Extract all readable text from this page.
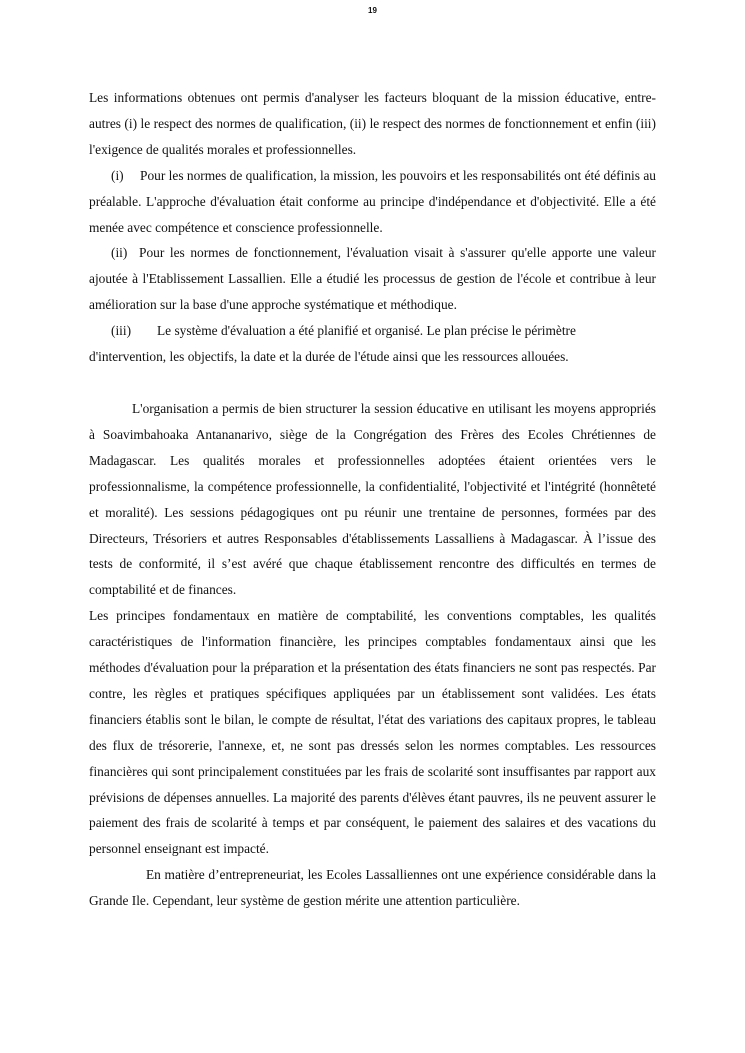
19

Les informations obtenues ont permis d'analyser les facteurs bloquant de la mission éducative, entre-autres (i) le respect des normes de qualification, (ii) le respect des normes de fonctionnement et enfin (iii) l'exigence de qualités morales et professionnelles.

(i) Pour les normes de qualification, la mission, les pouvoirs et les responsabilités ont été définis au préalable. L'approche d'évaluation était conforme au principe d'indépendance et d'objectivité. Elle a été menée avec compétence et conscience professionnelle.

(ii) Pour les normes de fonctionnement, l'évaluation visait à s'assurer qu'elle apporte une valeur ajoutée à l'Etablissement Lassallien. Elle a étudié les processus de gestion de l'école et contribue à leur amélioration sur la base d'une approche systématique et méthodique.

(iii) Le système d'évaluation a été planifié et organisé. Le plan précise le périmètre d'intervention, les objectifs, la date et la durée de l'étude ainsi que les ressources allouées.

L'organisation a permis de bien structurer la session éducative en utilisant les moyens appropriés à Soavimbahoaka Antananarivo, siège de la Congrégation des Frères des Ecoles Chrétiennes de Madagascar. Les qualités morales et professionnelles adoptées étaient orientées vers le professionnalisme, la compétence professionnelle, la confidentialité, l'objectivité et l'intégrité (honnêteté et moralité). Les sessions pédagogiques ont pu réunir une trentaine de personnes, formées par des Directeurs, Trésoriers et autres Responsables d'établissements Lassalliens à Madagascar. À l’issue des tests de conformité, il s’est avéré que chaque établissement rencontre des difficultés en termes de comptabilité et de finances.

Les principes fondamentaux en matière de comptabilité, les conventions comptables, les qualités caractéristiques de l'information financière, les principes comptables fondamentaux ainsi que les méthodes d'évaluation pour la préparation et la présentation des états financiers ne sont pas respectés. Par contre, les règles et pratiques spécifiques appliquées par un établissement sont validées. Les états financiers établis sont le bilan, le compte de résultat, l'état des variations des capitaux propres, le tableau des flux de trésorerie, l'annexe, et, ne sont pas dressés selon les normes comptables. Les ressources financières qui sont principalement constituées par les frais de scolarité sont insuffisantes par rapport aux prévisions de dépenses annuelles. La majorité des parents d'élèves étant pauvres, ils ne peuvent assurer le paiement des frais de scolarité à temps et par conséquent, le paiement des salaires et des vacations du personnel enseignant est impacté.

En matière d’entrepreneuriat, les Ecoles Lassalliennes ont une expérience considérable dans la Grande Ile. Cependant, leur système de gestion mérite une attention particulière.
